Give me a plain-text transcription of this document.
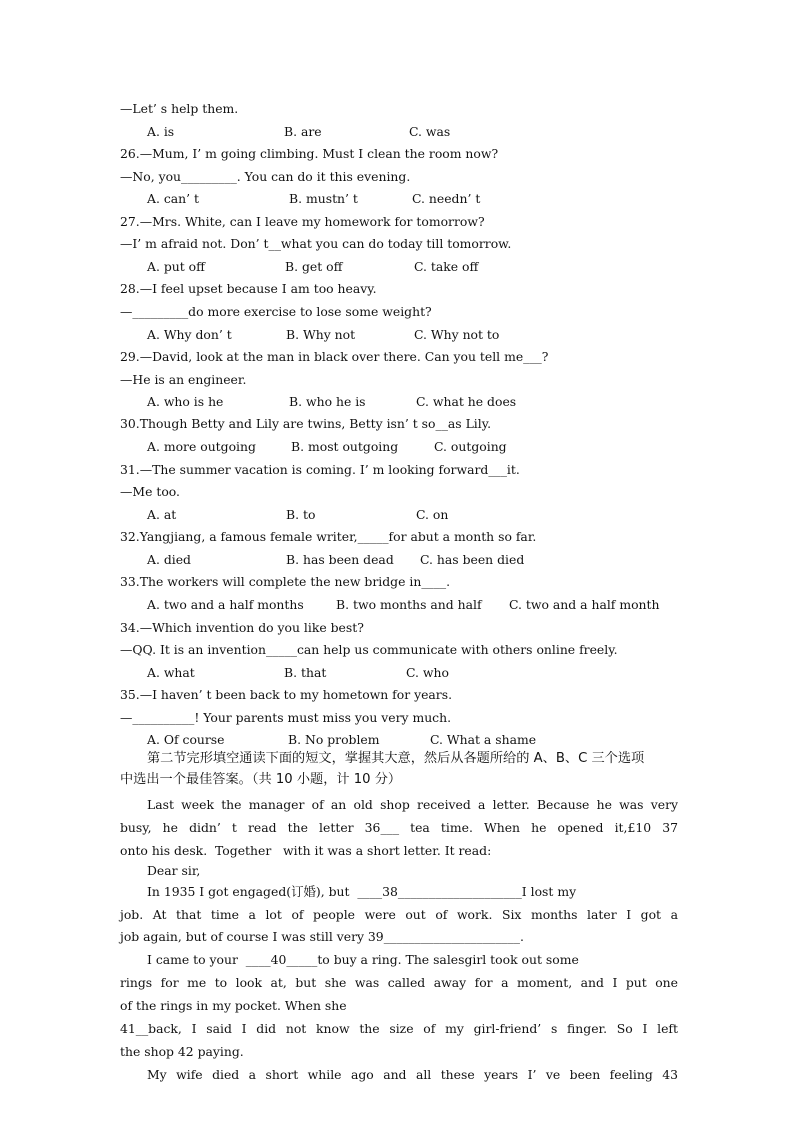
—Let’ s help them.
A. is	B. are	C. was
26.—Mum, I’ m going climbing. Must I clean the room now?
—No, you_________. You can do it this evening.
A. can’ t	B. mustn’ t	C. needn’ t
27.—Mrs. White, can I leave my homework for tomorrow?
—I’ m afraid not. Don’ t__what you can do today till tomorrow.
A. put off	B. get off	C. take off
28.—I feel upset because I am too heavy.
—_________do more exercise to lose some weight?
A. Why don’ t	B. Why not	C. Why not to
29.—David, look at the man in black over there. Can you tell me___?
—He is an engineer.
A. who is he	B. who he is	C. what he does
30.Though Betty and Lily are twins, Betty isn’ t so__as Lily.
A. more outgoing	B. most outgoing	C. outgoing
31.—The summer vacation is coming. I’ m looking forward___it.
—Me too.
A. at	B. to	C. on
32.Yangjiang, a famous female writer,_____for abut a month so far.
A. died	B. has been dead C. has been died
33.The workers will complete the new bridge in____.
A. two and a half months	B. two months and half C. two and a half month
34.—Which invention do you like best?
—QQ. It is an invention_____can help us communicate with others online freely.
A. what	B. that	C. who
35.—I haven’ t been back to my hometown for years.
—__________! Your parents must miss you very much.
A. Of course	B. No problem	C. What a shame
第二节完形填空通读下面的短文，掌握其大意，然后从各题所给的 A、B、C 三个选项
中选出一个最佳答案。（共 10 小题，计 10 分）
Last week the manager of an old shop received a letter. Because he was very
busy, he didn’ t read the letter 36___ tea time. When he opened it,£10 37
onto his desk.  Together   with it was a short letter. It read:
Dear sir,
In 1935 I got engaged(订婚), but  ____38____________________I lost my
job. At that time a lot of people were out of work. Six months later I got a
job again, but of course I was still very 39______________________.
I came to your  ____40_____to buy a ring. The salesgirl took out some
rings for me to look at, but she was called away for a moment, and I put one
of the rings in my pocket. When she
41__back, I said I did not know the size of my girl-friend’ s finger. So I left
the shop 42 paying.
My wife died a short while ago and all these years I’ ve been feeling 43
